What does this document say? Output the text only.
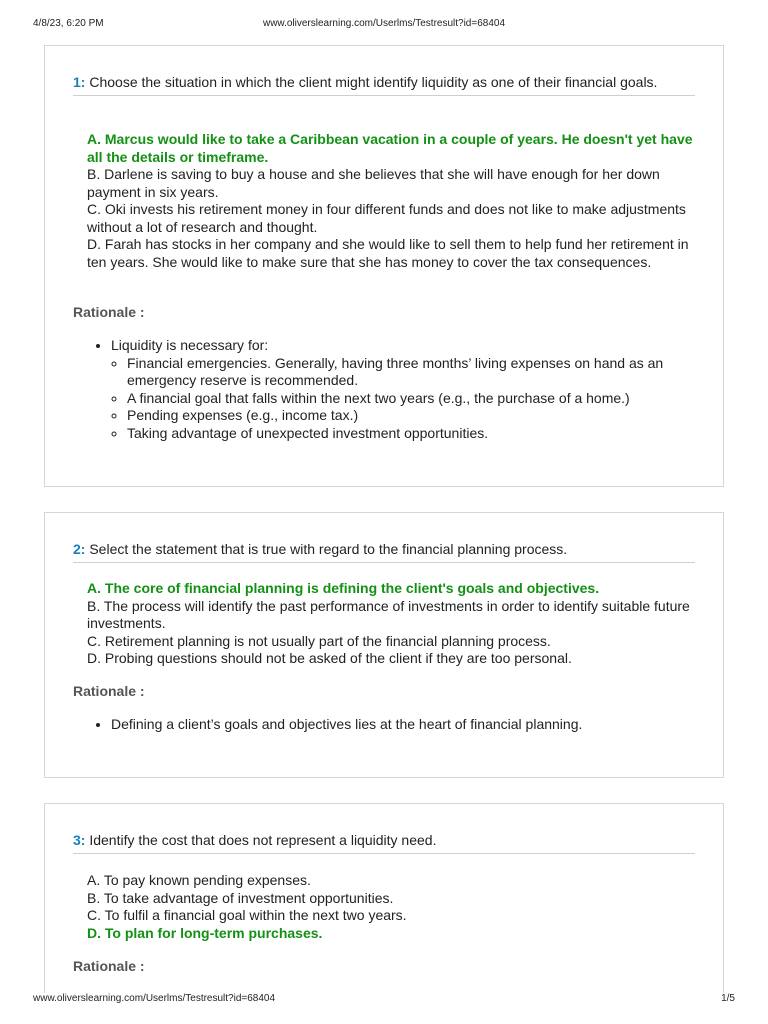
4/8/23, 6:20 PM	www.oliverslearning.com/Userlms/Testresult?id=68404
1: Choose the situation in which the client might identify liquidity as one of their financial goals.

A. Marcus would like to take a Caribbean vacation in a couple of years. He doesn't yet have all the details or timeframe.

B. Darlene is saving to buy a house and she believes that she will have enough for her down payment in six years.

C. Oki invests his retirement money in four different funds and does not like to make adjustments without a lot of research and thought.

D. Farah has stocks in her company and she would like to sell them to help fund her retirement in ten years. She would like to make sure that she has money to cover the tax consequences.

Rationale :
• Liquidity is necessary for:
◦ Financial emergencies. Generally, having three months’ living expenses on hand as an emergency reserve is recommended.
◦ A financial goal that falls within the next two years (e.g., the purchase of a home.)
◦ Pending expenses (e.g., income tax.)
◦ Taking advantage of unexpected investment opportunities.
2: Select the statement that is true with regard to the financial planning process.

A. The core of financial planning is defining the client's goals and objectives.

B. The process will identify the past performance of investments in order to identify suitable future investments.

C. Retirement planning is not usually part of the financial planning process.

D. Probing questions should not be asked of the client if they are too personal.

Rationale :
• Defining a client’s goals and objectives lies at the heart of financial planning.
3: Identify the cost that does not represent a liquidity need.

A. To pay known pending expenses.

B. To take advantage of investment opportunities.

C. To fulfil a financial goal within the next two years.

D. To plan for long-term purchases.

Rationale :
www.oliverslearning.com/Userlms/Testresult?id=68404	1/5
